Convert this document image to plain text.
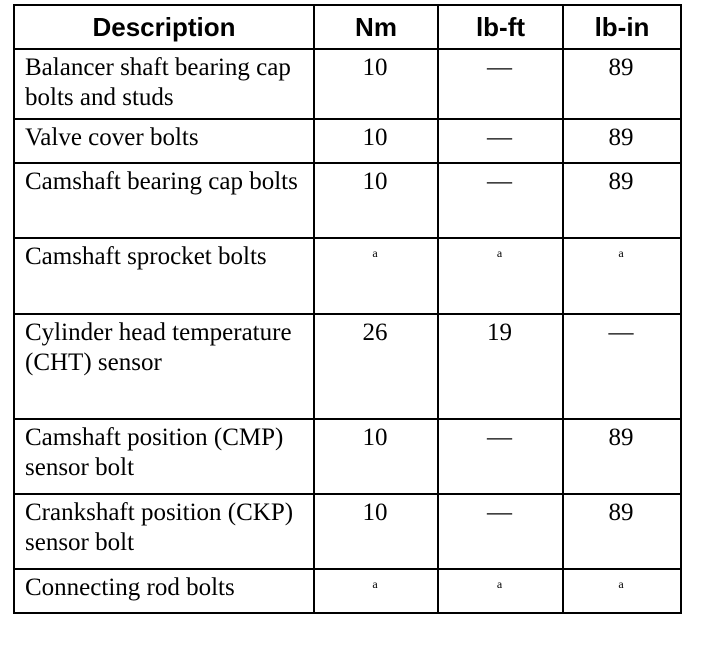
Description	Nm	lb-ft	lb-in
Balancer shaft bearing cap bolts and studs	10	—	89
Valve cover bolts	10	—	89
Camshaft bearing cap bolts	10	—	89
Camshaft sprocket bolts	$^a$	$^a$	$^a$
Cylinder head temperature (CHT) sensor	26	19	—
Camshaft position (CMP) sensor bolt	10	—	89
Crankshaft position (CKP) sensor bolt	10	—	89
Connecting rod bolts	$^a$	$^a$	$^a$
